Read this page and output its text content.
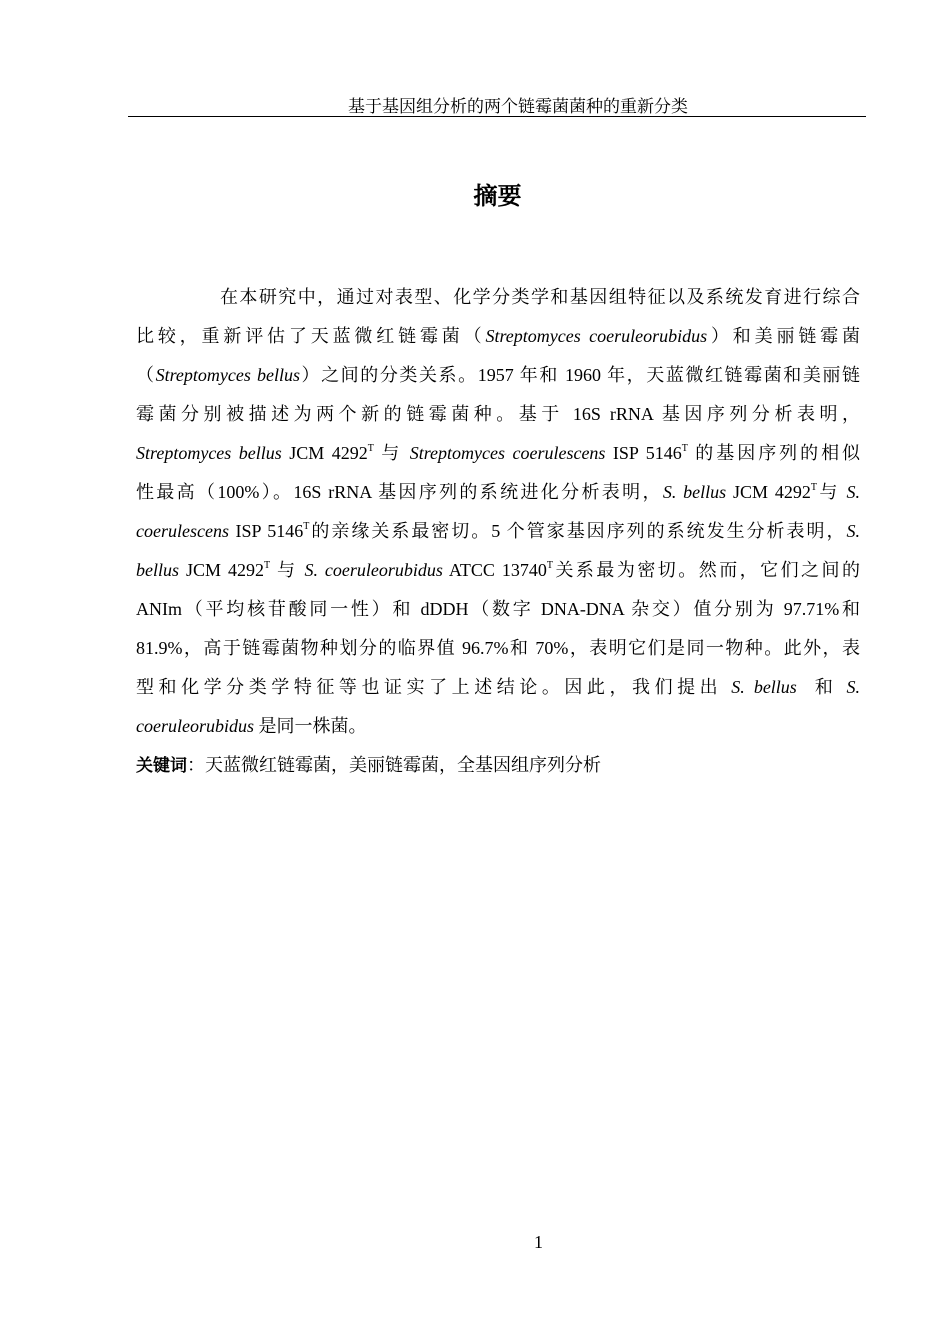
基于基因组分析的两个链霉菌菌种的重新分类
摘要
在本研究中，通过对表型、化学分类学和基因组特征以及系统发育进行综合
比较，重新评估了天蓝微红链霉菌（Streptomyces coeruleorubidus）和美丽链霉菌
（Streptomyces bellus）之间的分类关系。1957 年和 1960 年，天蓝微红链霉菌和美丽链
霉菌分别被描述为两个新的链霉菌种。基于 16S rRNA 基因序列分析表明，
Streptomyces bellus JCM $4292^T$ 与 Streptomyces coerulescens ISP $5146^T$ 的基因序列的相似
性最高（100%）。16S rRNA 基因序列的系统进化分析表明，S. bellus JCM $4292^T$与 S.
coerulescens ISP $5146^T$的亲缘关系最密切。5 个管家基因序列的系统发生分析表明，S.
bellus JCM $4292^T$ 与 S. coeruleorubidus ATCC $13740^T$关系最为密切。然而，它们之间的
ANIm（平均核苷酸同一性）和 dDDH（数字 DNA-DNA 杂交）值分别为 97.71%和
81.9%，高于链霉菌物种划分的临界值 96.7%和 70%，表明它们是同一物种。此外，表
型和化学分类学特征等也证实了上述结论。因此，我们提出 S. bellus  和 S.
coeruleorubidus 是同一株菌。
关键词：天蓝微红链霉菌，美丽链霉菌，全基因组序列分析
1
